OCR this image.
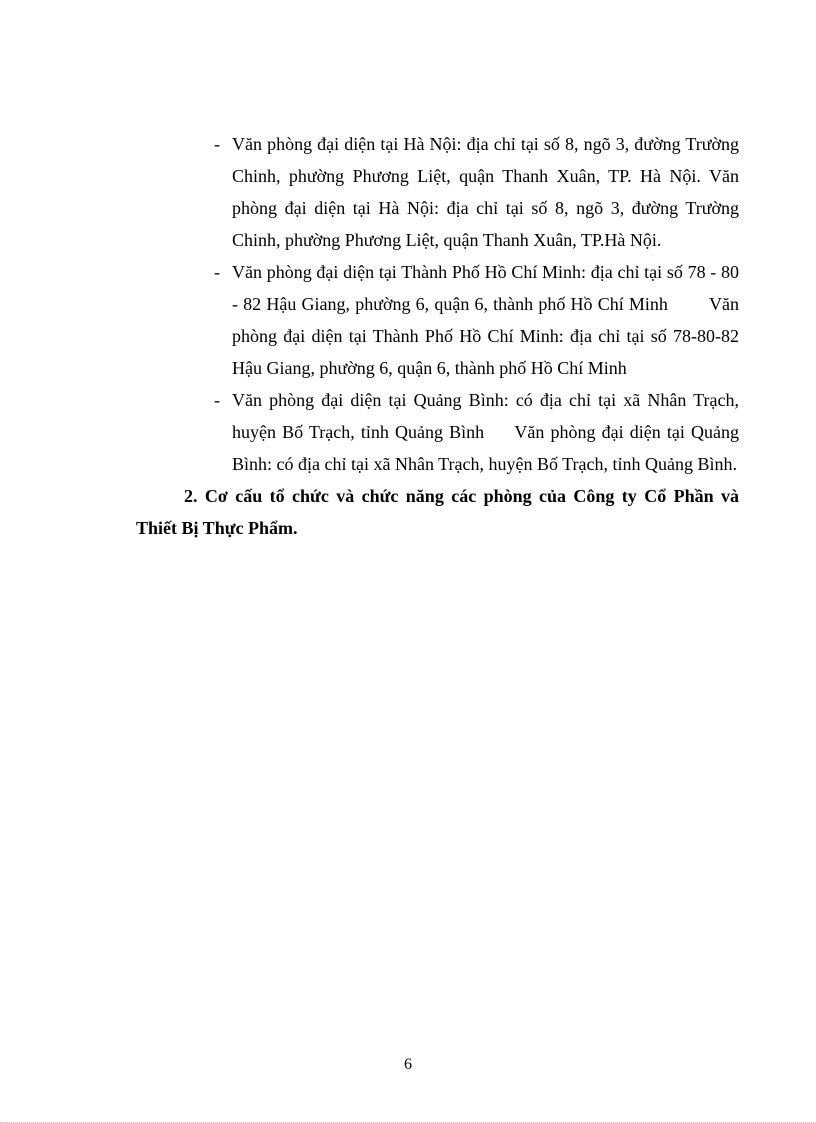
- Văn phòng đại diện tại Hà Nội: địa chỉ tại số 8, ngõ 3, đường Trường Chinh, phường Phương Liệt, quận Thanh Xuân, TP. Hà Nội. Văn phòng đại diện tại Hà Nội: địa chỉ tại số 8, ngõ 3, đường Trường Chinh, phường Phương Liệt, quận Thanh Xuân, TP.Hà Nội.
- Văn phòng đại diện tại Thành Phố Hồ Chí Minh: địa chỉ tại số 78 - 80 - 82 Hậu Giang, phường 6, quận 6, thành phố Hồ Chí Minh        Văn phòng đại diện tại Thành Phố Hồ Chí Minh: địa chỉ tại số 78-80-82 Hậu Giang, phường 6, quận 6, thành phố Hồ Chí Minh
- Văn phòng đại diện tại Quảng Bình: có địa chỉ tại xã Nhân Trạch, huyện Bố Trạch, tỉnh Quảng Bình     Văn phòng đại diện tại Quảng Bình: có địa chỉ tại xã Nhân Trạch, huyện Bố Trạch, tỉnh Quảng Bình.

2. Cơ cấu tổ chức và chức năng các phòng của Công ty Cổ Phần và Thiết Bị Thực Phẩm.

6
